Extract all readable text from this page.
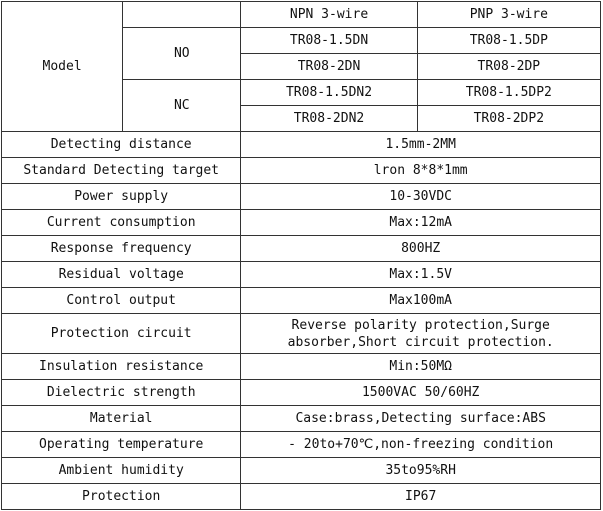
Model		NPN 3-wire	PNP 3-wire
	NO	TR08-1.5DN	TR08-1.5DP
		TR08-2DN	TR08-2DP
	NC	TR08-1.5DN2	TR08-1.5DP2
		TR08-2DN2	TR08-2DP2
Detecting distance		1.5mm-2MM	
Standard Detecting target		lron 8*8*1mm	
Power supply		10-30VDC	
Current consumption		Max:12mA	
Response frequency		800HZ	
Residual voltage		Max:1.5V	
Control output		Max100mA	
Protection circuit		Reverse polarity protection,Surge absorber,Short circuit protection.	
Insulation resistance		Min:50MΩ	
Dielectric strength		1500VAC 50/60HZ	
Material		Case:brass,Detecting surface:ABS	
Operating temperature		- 20to+70℃,non-freezing condition	
Ambient humidity		35to95%RH	
Protection		IP67	
